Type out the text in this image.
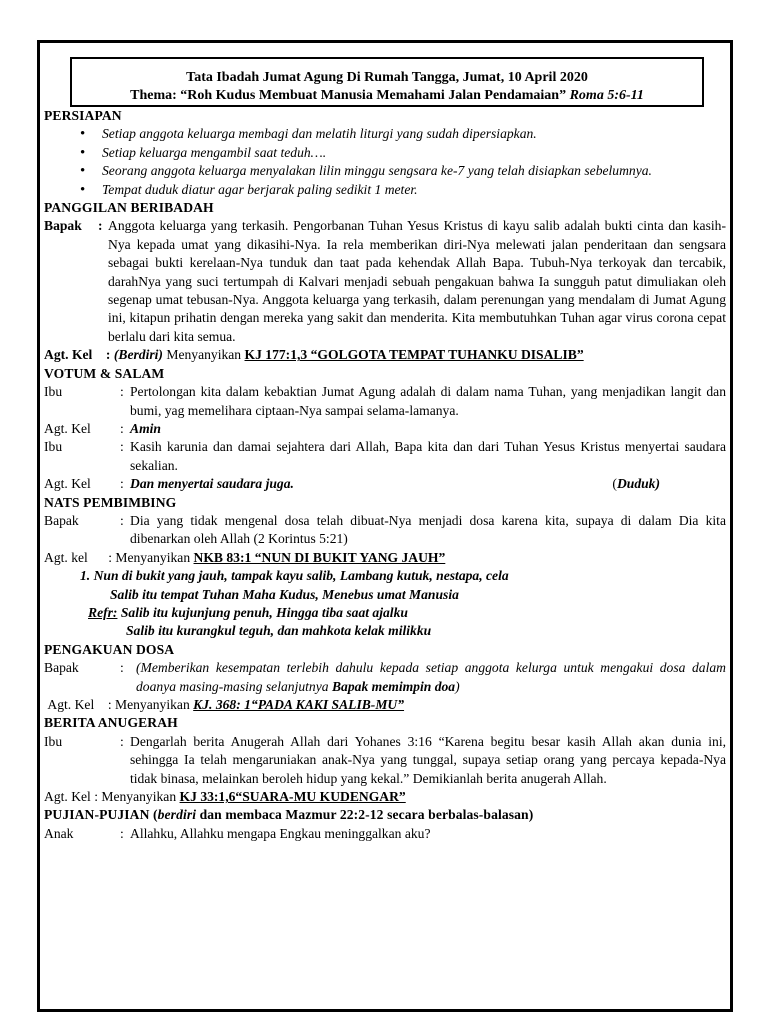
Tata Ibadah Jumat Agung Di Rumah Tangga, Jumat, 10 April 2020
Thema: “Roh Kudus Membuat Manusia Memahami Jalan Pendamaian” Roma 5:6-11
PERSIAPAN
• Setiap anggota keluarga membagi dan melatih liturgi yang sudah dipersiapkan.
• Setiap keluarga mengambil saat teduh….
• Seorang anggota keluarga menyalakan lilin minggu sengsara ke-7 yang telah disiapkan sebelumnya.
• Tempat duduk diatur agar berjarak paling sedikit 1 meter.
PANGGILAN BERIBADAH
Bapak	: Anggota keluarga yang terkasih. Pengorbanan Tuhan Yesus Kristus di kayu salib adalah bukti cinta dan kasih-Nya kepada umat yang dikasihi-Nya. Ia rela memberikan diri-Nya melewati jalan penderitaan dan sengsara sebagai bukti kerelaan-Nya tunduk dan taat pada kehendak Allah Bapa. Tubuh-Nya terkoyak dan tercabik, darahNya yang suci tertumpah di Kalvari menjadi sebuah pengakuan bahwa Ia sungguh patut dimuliakan oleh segenap umat tebusan-Nya. Anggota keluarga yang terkasih, dalam perenungan yang mendalam di Jumat Agung ini, kitapun prihatin dengan mereka yang sakit dan menderita. Kita membutuhkan Tuhan agar virus corona cepat berlalu dari kita semua.
Agt. Kel    : (Berdiri) Menyanyikan KJ 177:1,3 “GOLGOTA TEMPAT TUHANKU DISALIB”
VOTUM & SALAM
Ibu	: Pertolongan kita dalam kebaktian Jumat Agung adalah di dalam nama Tuhan, yang menjadikan langit dan bumi, yag memelihara ciptaan-Nya sampai selama-lamanya.
Agt. Kel	: Amin
Ibu	: Kasih karunia dan damai sejahtera dari Allah, Bapa kita dan dari Tuhan Yesus Kristus menyertai saudara sekalian.
Agt. Kel	: Dan menyertai saudara juga.	(Duduk)
NATS PEMBIMBING
Bapak	: Dia yang tidak mengenal dosa telah dibuat-Nya menjadi dosa karena kita, supaya di dalam Dia kita dibenarkan oleh Allah (2 Korintus 5:21)
Agt. kel      : Menyanyikan NKB 83:1 “NUN DI BUKIT YANG JAUH”
1. Nun di bukit yang jauh, tampak kayu salib, Lambang kutuk, nestapa, cela
Salib itu tempat Tuhan Maha Kudus, Menebus umat Manusia
Refr: Salib itu kujunjung penuh, Hingga tiba saat ajalku
Salib itu kurangkul teguh, dan mahkota kelak milikku
PENGAKUAN DOSA
Bapak	: (Memberikan kesempatan terlebih dahulu kepada setiap anggota kelurga untuk mengakui dosa dalam doanya masing-masing selanjutnya Bapak memimpin doa)
Agt. Kel    : Menyanyikan KJ. 368: 1“PADA KAKI SALIB-MU”
BERITA ANUGERAH
Ibu	: Dengarlah berita Anugerah Allah dari Yohanes 3:16 “Karena begitu besar kasih Allah akan dunia ini, sehingga Ia telah mengaruniakan anak-Nya yang tunggal, supaya setiap orang yang percaya kepada-Nya tidak binasa, melainkan beroleh hidup yang kekal.” Demikianlah berita anugerah Allah.
Agt. Kel : Menyanyikan KJ 33:1,6“SUARA-MU KUDENGAR”
PUJIAN-PUJIAN (berdiri dan membaca Mazmur 22:2-12 secara berbalas-balasan)
Anak	: Allahku, Allahku mengapa Engkau meninggalkan aku?
